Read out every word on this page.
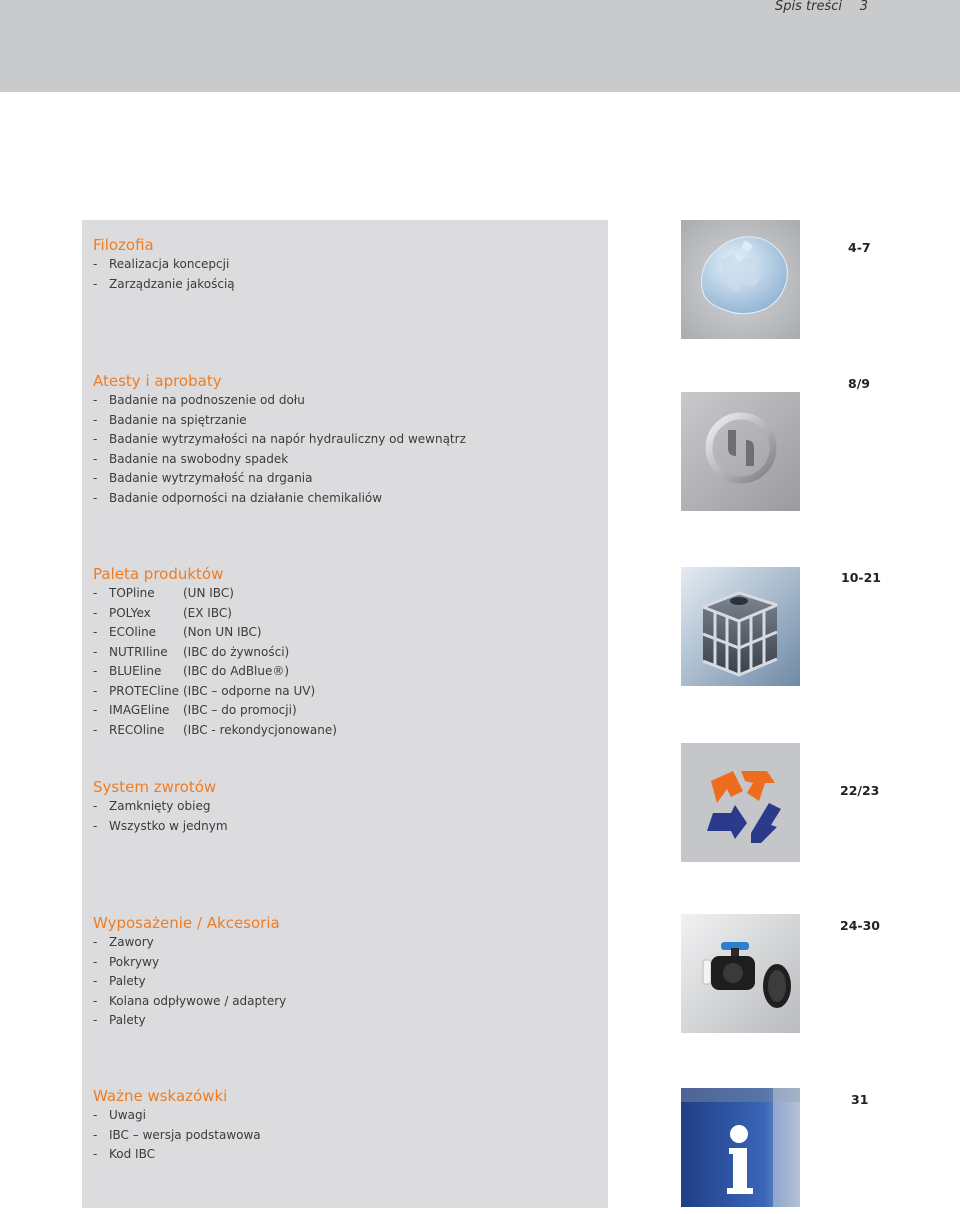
Spis treści 3
Filozofia
- Realizacja koncepcji
- Zarządzanie jakością
4-7
Atesty i aprobaty
- Badanie na podnoszenie od dołu
- Badanie na spiętrzanie
- Badanie wytrzymałości na napór hydrauliczny od wewnątrz
- Badanie na swobodny spadek
- Badanie wytrzymałość na drgania
- Badanie odporności na działanie chemikaliów
8/9
Paleta produktów
- TOPline (UN IBC)
- POLYex	(EX IBC)
- ECOline (Non UN IBC)
- NUTRIline (IBC do żywności)
- BLUEline (IBC do AdBlue®)
- PROTECline (IBC – odporne na UV)
- IMAGEline (IBC – do promocji)
- RECOline (IBC - rekondycjonowane)
10-21
System zwrotów
- Zamknięty obieg
- Wszystko w jednym
22/23
Wyposażenie / Akcesoria
- Zawory
- Pokrywy
- Palety
- Kolana odpływowe / adaptery
- Palety
24-30
Ważne wskazówki
- Uwagi
- IBC – wersja podstawowa
- Kod IBC
31
